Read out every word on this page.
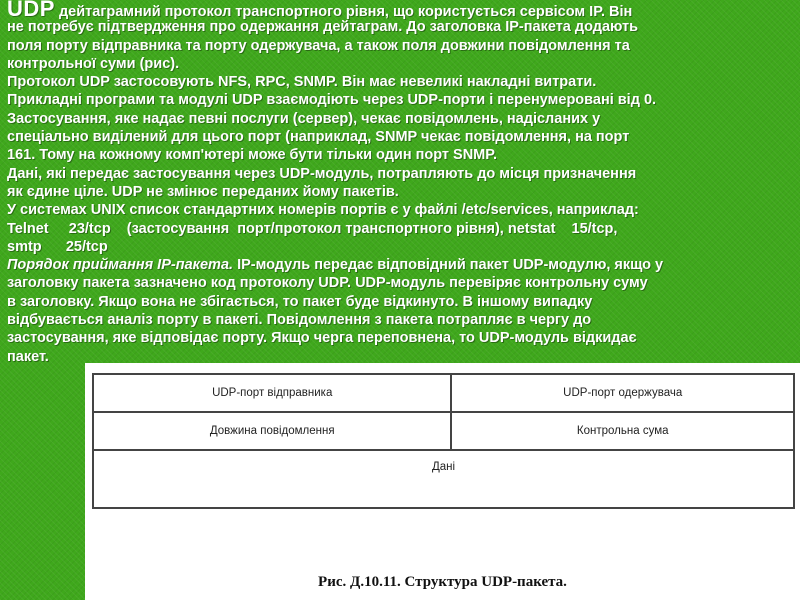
UDP дейтаграмний протокол транспортного рівня, що користується сервісом IP. Він
не потребує підтвердження про одержання дейтаграм. До заголовка IP-пакета додають
поля порту відправника та порту одержувача, а також поля довжини повідомлення та
контрольної суми (рис).
Протокол UDP застосовують NFS, RPC, SNMP. Він має невеликі накладні витрати.
Прикладні програми та модулі UDP взаємодіють через UDP-порти і перенумеровані від 0.
Застосування, яке надає певні послуги (сервер), чекає повідомлень, надісланих у
спеціально виділений для цього порт (наприклад, SNMP чекає повідомлення, на порт
161. Тому на кожному комп'ютері може бути тільки один порт SNMP.
Дані, які передає застосування через UDP-модуль, потрапляють до місця призначення
як єдине ціле. UDP не змінює переданих йому пакетів.
У системах UNIX список стандартних номерів портів є у файлі /etc/services, наприклад:
Telnet     23/tcp    (застосування  порт/протокол транспортного рівня), netstat    15/tcp,
smtp      25/tcp
Порядок приймання IP-пакета. IP-модуль передає відповідний пакет UDP-модулю, якщо у
заголовку пакета зазначено код протоколу UDP. UDP-модуль перевіряє контрольну суму
в заголовку. Якщо вона не збігається, то пакет буде відкинуто. В іншому випадку
відбувається аналіз порту в пакеті. Повідомлення з пакета потрапляє в чергу до
застосування, яке відповідає порту. Якщо черга переповнена, то UDP-модуль відкидає
пакет.
UDP-порт відправника	UDP-порт одержувача
Довжина повідомлення	Контрольна сума
Дані	
Рис. Д.10.11. Структура UDP-пакета.
